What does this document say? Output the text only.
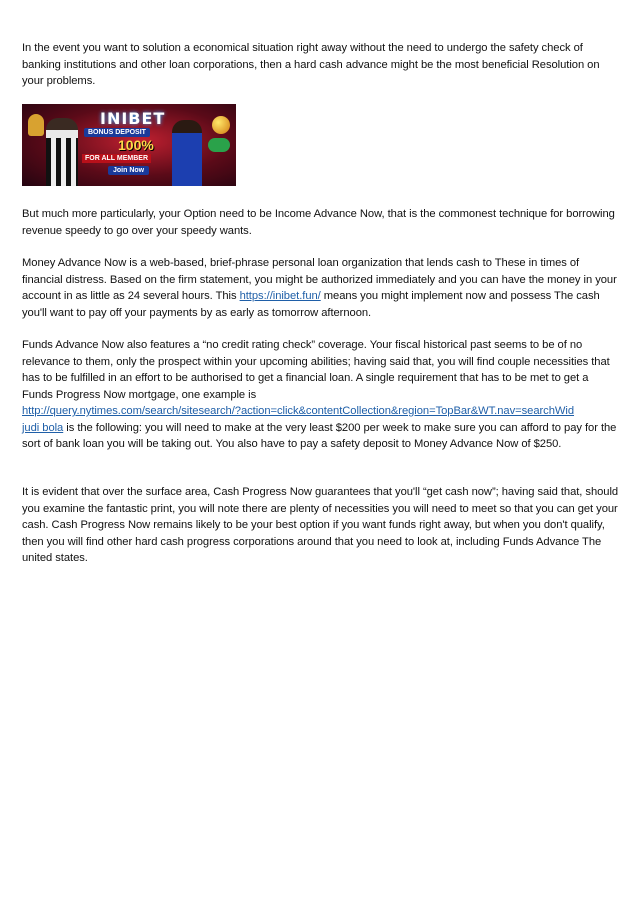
In the event you want to solution a economical situation right away without the need to undergo the safety check of banking institutions and other loan corporations, then a hard cash advance might be the most beneficial Resolution on your problems.

INIBET
BONUS DEPOSIT
100%
FOR ALL MEMBER
Join Now

But much more particularly, your Option need to be Income Advance Now, that is the commonest technique for borrowing revenue speedy to go over your speedy wants.

Money Advance Now is a web-based, brief-phrase personal loan organization that lends cash to These in times of financial distress. Based on the firm statement, you might be authorized immediately and you can have the money in your account in as little as 24 several hours. This https://inibet.fun/ means you might implement now and possess The cash you'll want to pay off your payments by as early as tomorrow afternoon.

Funds Advance Now also features a “no credit rating check” coverage. Your fiscal historical past seems to be of no relevance to them, only the prospect within your upcoming abilities; having said that, you will find couple necessities that has to be fulfilled in an effort to be authorised to get a financial loan. A single requirement that has to be met to get a Funds Progress Now mortgage, one example is

http://query.nytimes.com/search/sitesearch/?action=click&contentCollection&region=TopBar&WT.nav=searchWid

judi bola is the following: you will need to make at the very least $200 per week to make sure you can afford to pay for the sort of bank loan you will be taking out. You also have to pay a safety deposit to Money Advance Now of $250.

It is evident that over the surface area, Cash Progress Now guarantees that you'll “get cash now”; having said that, should you examine the fantastic print, you will note there are plenty of necessities you will need to meet so that you can get your cash. Cash Progress Now remains likely to be your best option if you want funds right away, but when you don't qualify, then you will find other hard cash progress corporations around that you need to look at, including Funds Advance The united states.
